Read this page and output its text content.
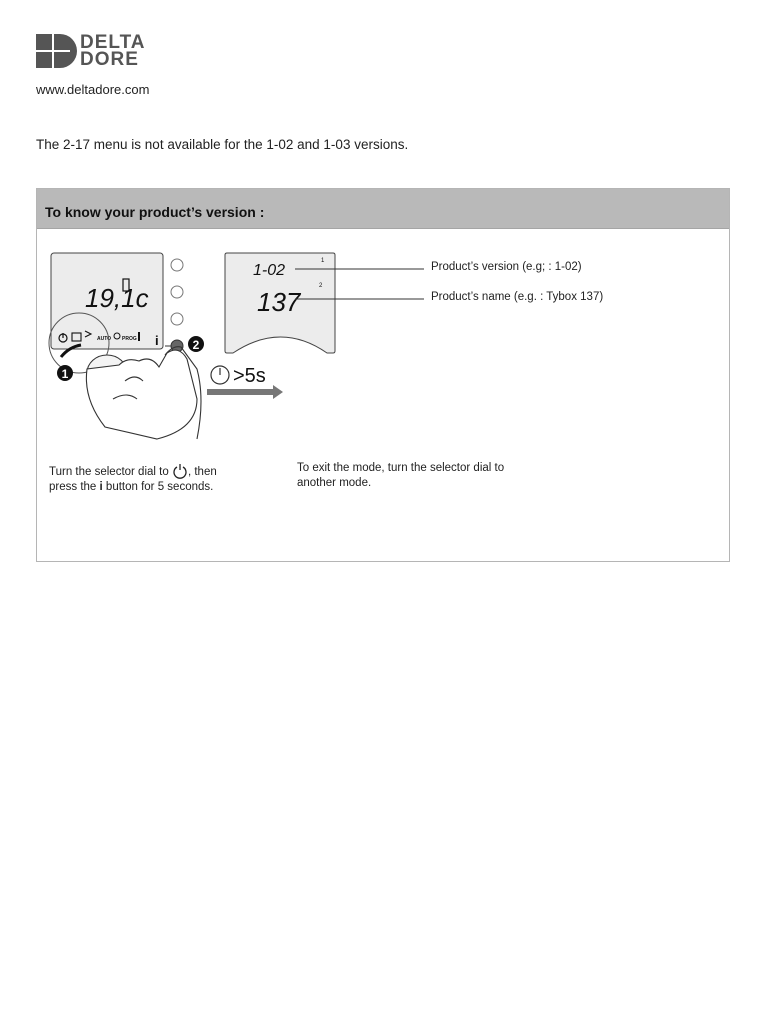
DELTA
DORE
www.deltadore.com
The 2-17 menu is not available for the 1-02 and 1-03 versions.
To know your product’s version :
19,1c
AUTO PROG i	2
1	>5s
1-02
1
137
2
Product’s version (e.g; : 1-02)
Product’s name (e.g. : Tybox 137)
Turn the selector dial to , then press the i button for 5 seconds.
To exit the mode, turn the selector dial to another mode.
